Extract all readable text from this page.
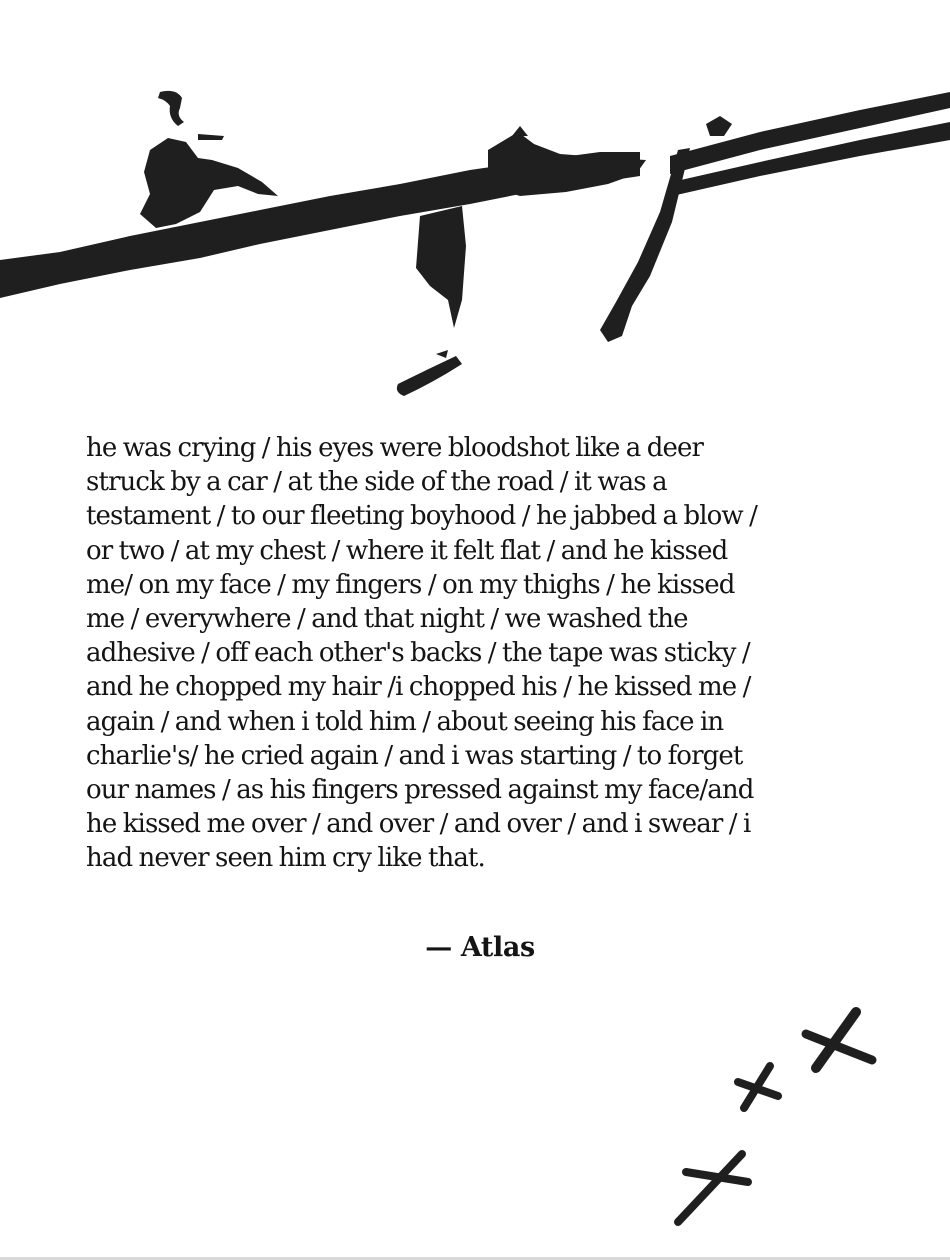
he was crying / his eyes were bloodshot like a deer
struck by a car / at the side of the road / it was a
testament / to our fleeting boyhood / he jabbed a blow /
or two / at my chest / where it felt flat / and he kissed
me/ on my face / my fingers / on my thighs / he kissed
me / everywhere / and that night / we washed the
adhesive / off each other's backs / the tape was sticky /
and he chopped my hair /i chopped his / he kissed me /
again / and when i told him / about seeing his face in
charlie's/ he cried again / and i was starting / to forget
our names / as his fingers pressed against my face/and
he kissed me over / and over / and over / and i swear / i
had never seen him cry like that.
— Atlas
